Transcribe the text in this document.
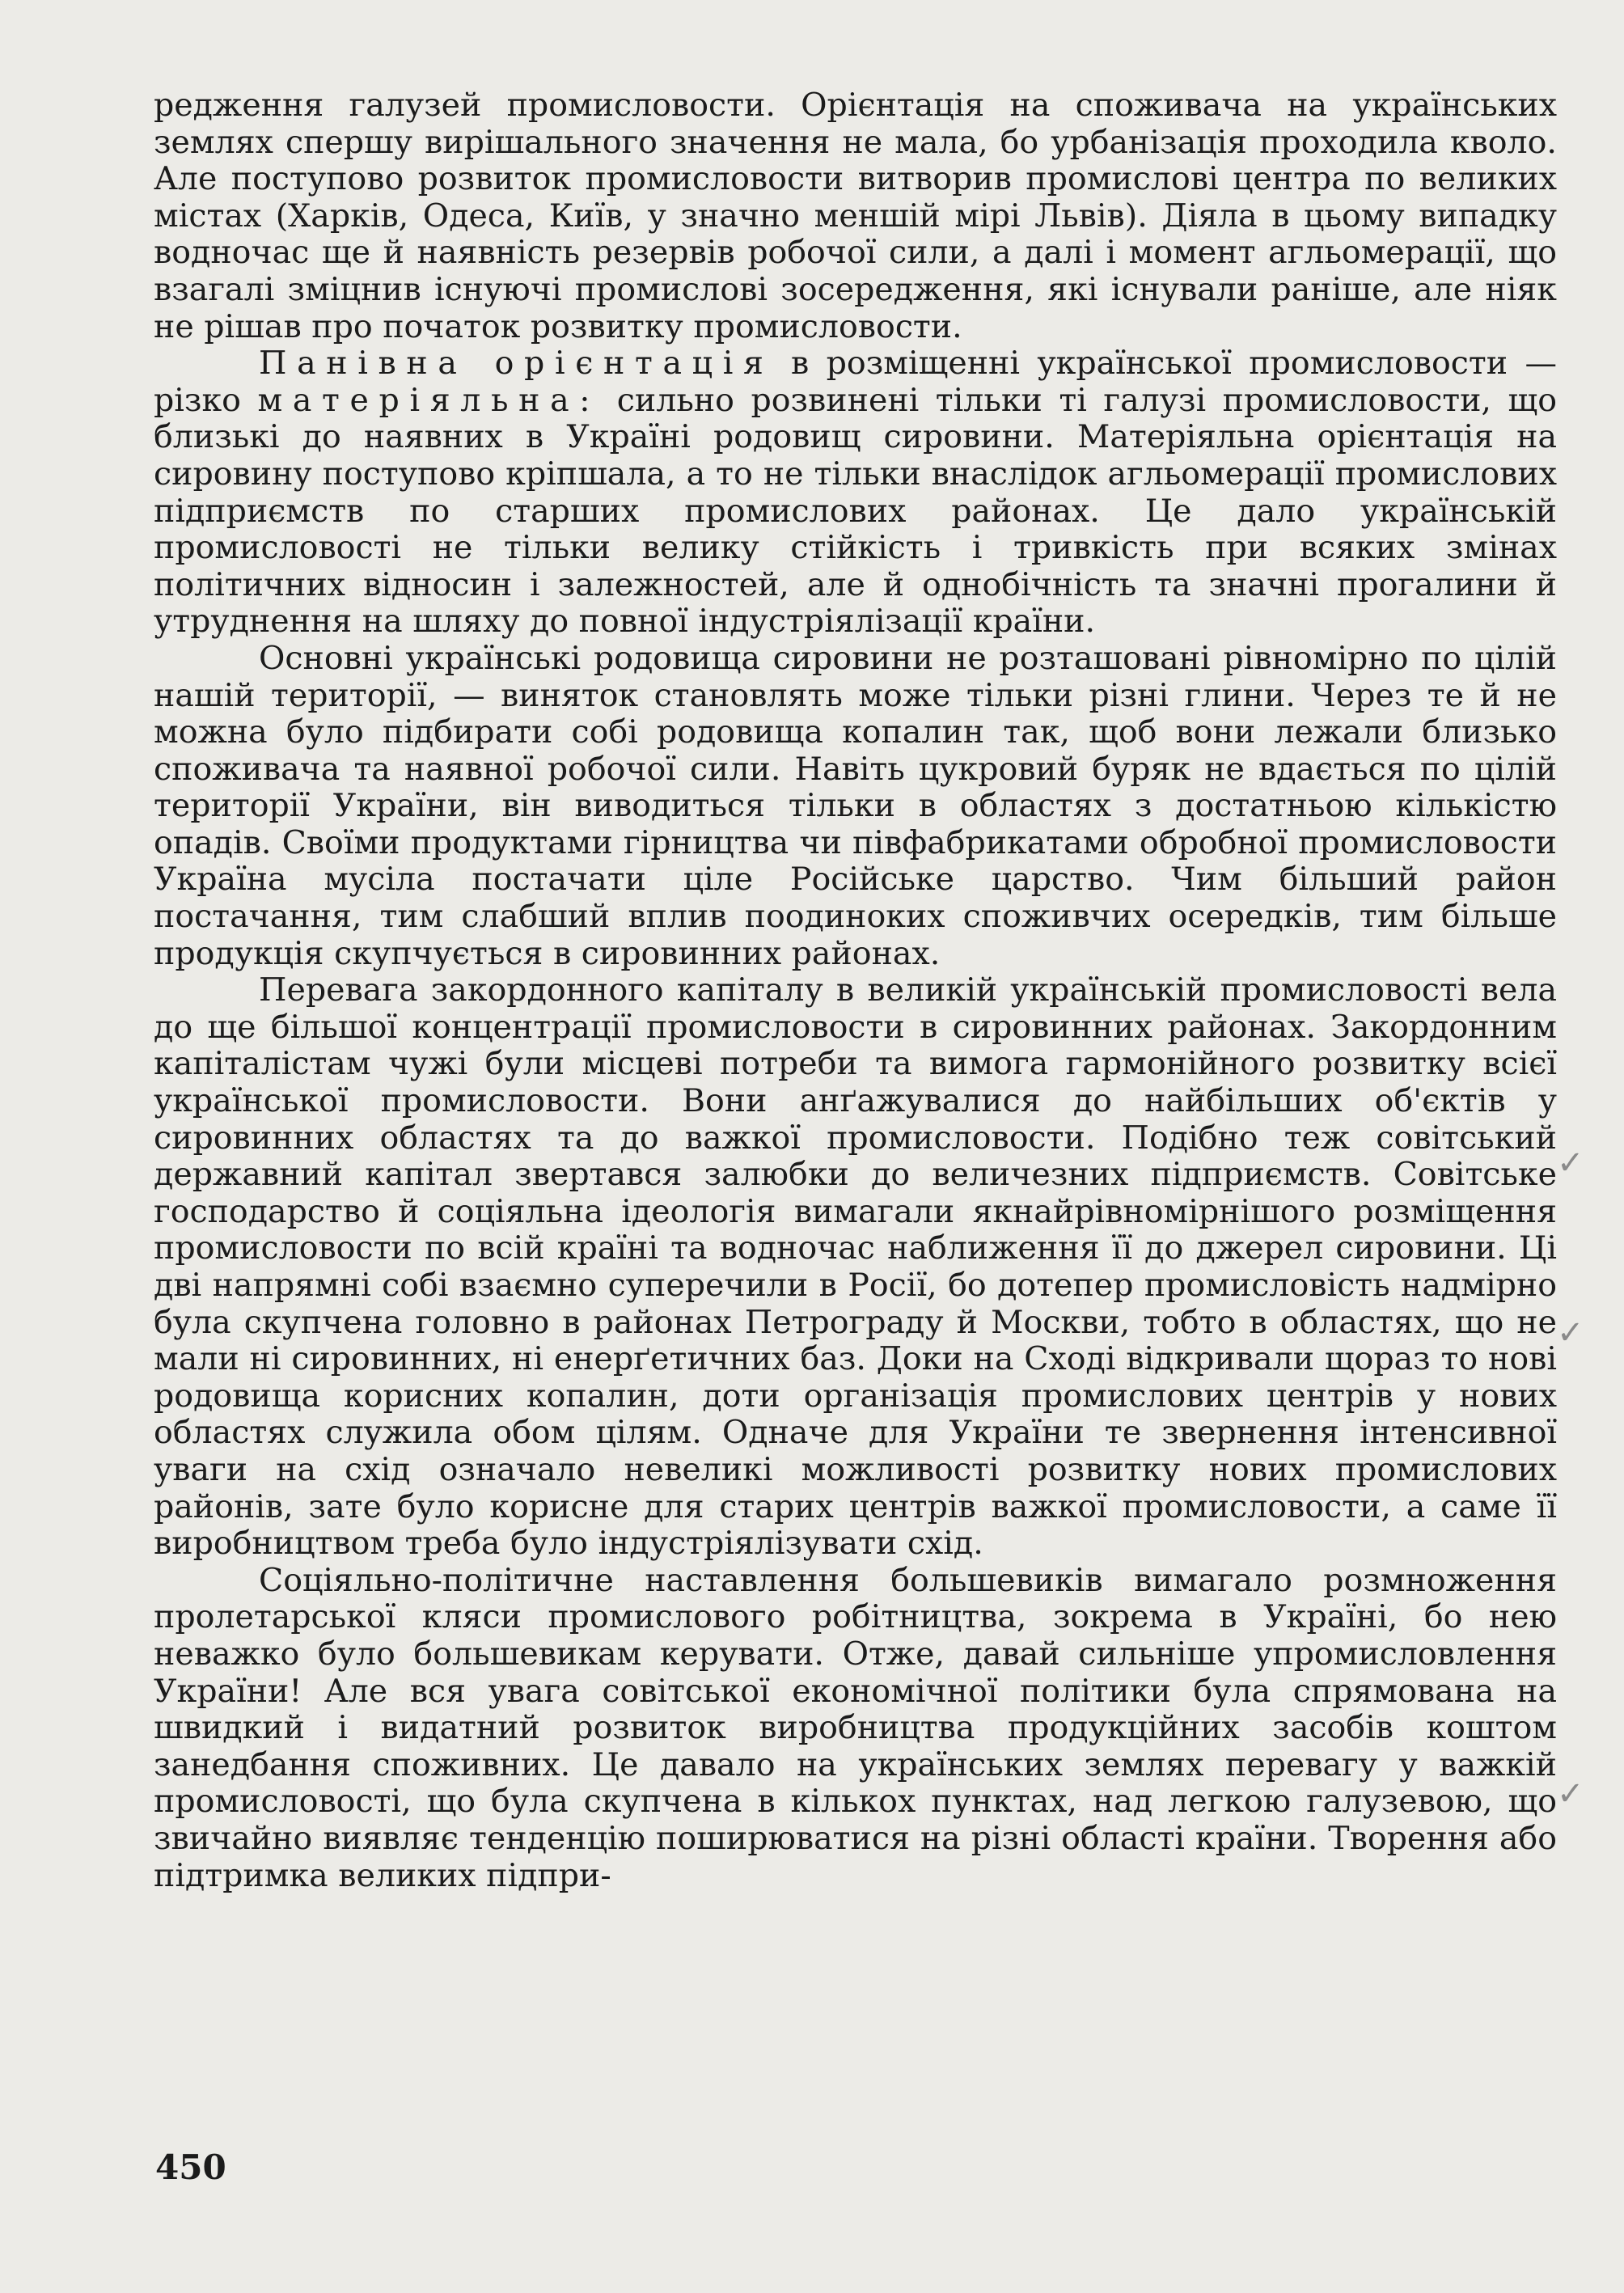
редження галузей промисловости. Орієнтація на споживача на українських землях спершу вирішального значення не мала, бо урбанізація проходила кволо. Але поступово розвиток промисловости витворив промислові центра по великих містах (Харків, Одеса, Київ, у значно меншій мірі Львів). Діяла в цьому випадку водночас ще й наявність резервів робочої сили, а далі і момент агльомерації, що взагалі зміцнив існуючі промислові зосередження, які існували раніше, але ніяк не рішав про початок розвитку промисловости.

Панівна орієнтація в розміщенні української промисловости — різко матеріяльна: сильно розвинені тільки ті галузі промисловости, що близькі до наявних в Україні родовищ сировини. Матеріяльна орієнтація на сировину поступово кріпшала, а то не тільки внаслідок агльомерації промислових підприємств по старших промислових районах. Це дало українській промисловості не тільки велику стійкість і тривкість при всяких змінах політичних відносин і залежностей, але й однобічність та значні прогалини й утруднення на шляху до повної індустріялізації країни.

Основні українські родовища сировини не розташовані рівномірно по цілій нашій території, — виняток становлять може тільки різні глини. Через те й не можна було підбирати собі родовища копалин так, щоб вони лежали близько споживача та наявної робочої сили. Навіть цукровий буряк не вдається по цілій території України, він виводиться тільки в областях з достатньою кількістю опадів. Своїми продуктами гірництва чи півфабрикатами обробної промисловости Україна мусіла постачати ціле Російське царство. Чим більший район постачання, тим слабший вплив поодиноких споживчих осередків, тим більше продукція скупчується в сировинних районах.

Перевага закордонного капіталу в великій українській промисловості вела до ще більшої концентрації промисловости в сировинних районах. Закордонним капіталістам чужі були місцеві потреби та вимога гармонійного розвитку всієї української промисловости. Вони анґажувалися до найбільших об'єктів у сировинних областях та до важкої промисловости. Подібно теж совітський державний капітал звертався залюбки до величезних підприємств. Совітське господарство й соціяльна ідеологія вимагали якнайрівномірнішого розміщення промисловости по всій країні та водночас наближення її до джерел сировини. Ці дві напрямні собі взаємно суперечили в Росії, бо дотепер промисловість надмірно була скупчена головно в районах Петрограду й Москви, тобто в областях, що не мали ні сировинних, ні енерґетичних баз. Доки на Сході відкривали щораз то нові родовища корисних копалин, доти організація промислових центрів у нових областях служила обом цілям. Одначе для України те звернення інтенсивної уваги на схід означало невеликі можливості розвитку нових промислових районів, зате було корисне для старих центрів важкої промисловости, а саме її виробництвом треба було індустріялізувати схід.

Соціяльно-політичне наставлення большевиків вимагало розмноження пролетарської кляси промислового робітництва, зокрема в Україні, бо нею неважко було большевикам керувати. Отже, давай сильніше упромисловлення України! Але вся увага совітської економічної політики була спрямована на швидкий і видатний розвиток виробництва продукційних засобів коштом занедбання споживних. Це давало на українських землях перевагу у важкій промисловості, що була скупчена в кількох пунктах, над легкою галузевою, що звичайно виявляє тенденцію поширюватися на різні області країни. Творення або підтримка великих підпри-

✓
✓
✓
450
